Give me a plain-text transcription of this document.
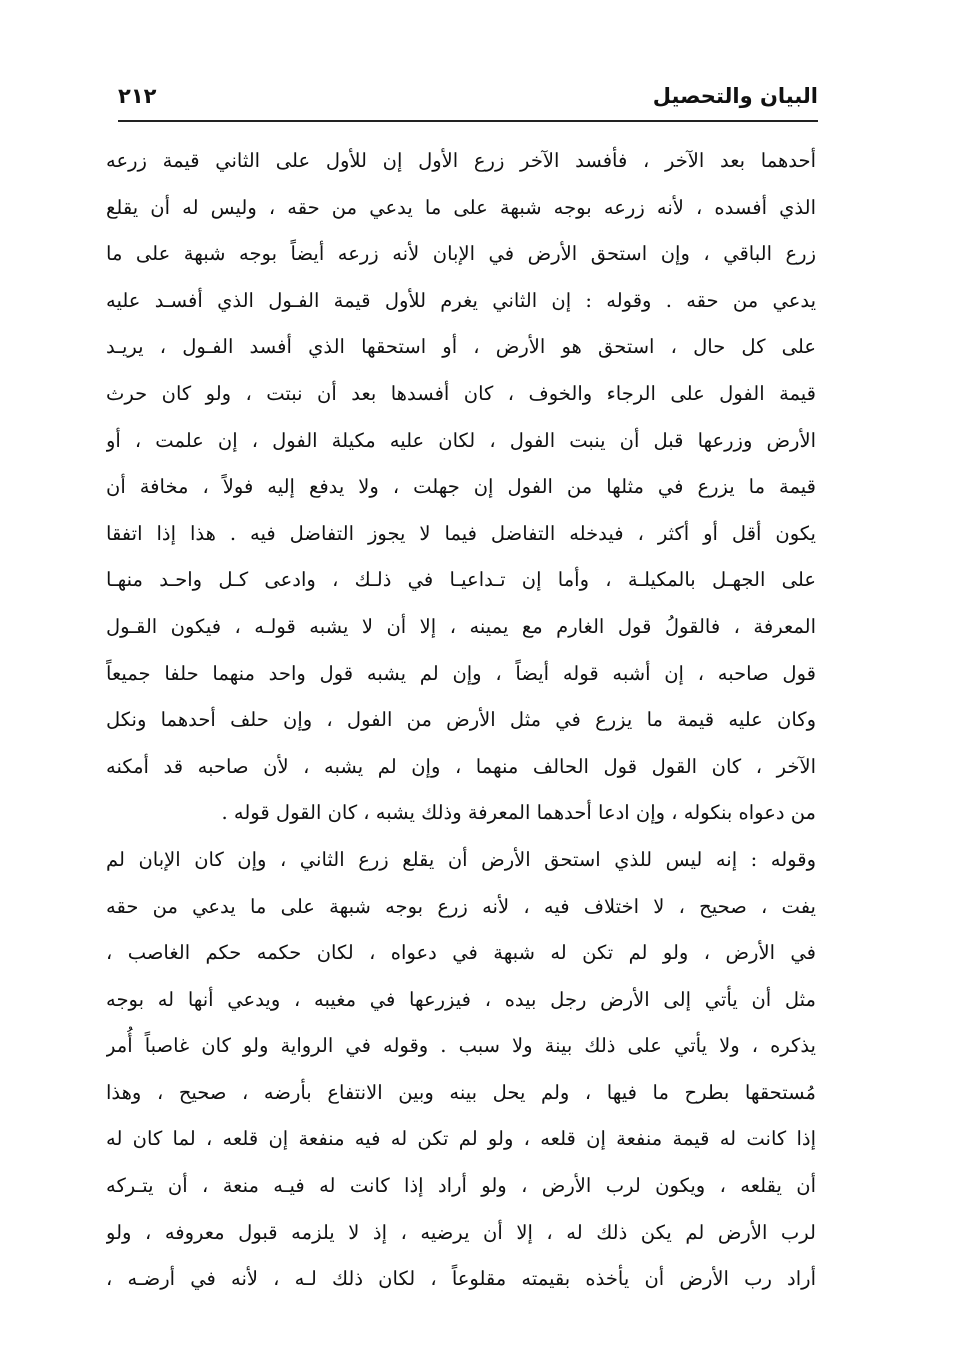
البيان والتحصيل
٢١٢
أحدهما بعد الآخر ، فأفسد الآخر زرع الأول إن للأول على الثاني قيمة زرعه
الذي أفسده ، لأنه زرعه بوجه شبهة على ما يدعي من حقه ، وليس له أن يقلع
زرع الباقي ، وإن استحق الأرض في الإبان لأنه زرعه أيضاً بوجه شبهة على ما
يدعي من حقه . وقوله : إن الثاني يغرم للأول قيمة الفـول الذي أفسـد عليه
على كل حال ، استحق هو الأرض ، أو استحقها الذي أفسد الفـول ، يريـد
قيمة الفول على الرجاء والخوف ، كان أفسدها بعد أن نبتت ، ولو كان حرث
الأرض وزرعها قبل أن ينبت الفول ، لكان عليه مكيلة الفول ، إن علمت ، أو
قيمة ما يزرع في مثلها من الفول إن جهلت ، ولا يدفع إليه فولاً ، مخافة أن
يكون أقل أو أكثر ، فيدخله التفاضل فيما لا يجوز التفاضل فيه . هذا إذا اتفقا
على الجهـل بالمكيلـة ، وأما إن تـداعيـا في ذلـك ، وادعى كـل واحـد منهـا
المعرفة ، فالقولُ قول الغارم مع يمينه ، إلا أن لا يشبه قولـه ، فيكون القـول
قول صاحبه ، إن أشبه قوله أيضاً ، وإن لم يشبه قول واحد منهما حلفا جميعاً
وكان عليه قيمة ما يزرع في مثل الأرض من الفول ، وإن حلف أحدهما ونكل
الآخر ، كان القول قول الحالف منهما ، وإن لم يشبه ، لأن صاحبه قد أمكنه
من دعواه بنكوله ، وإن ادعا أحدهما المعرفة وذلك يشبه ، كان القول قوله .
وقوله : إنه ليس للذي استحق الأرض أن يقلع زرع الثاني ، وإن كان الإبان لم
يفت ، صحيح ، لا اختلاف فيه ، لأنه زرع بوجه شبهة على ما يدعي من حقه
في الأرض ، ولو لم تكن له شبهة في دعواه ، لكان حكمه حكم الغاصب ،
مثل أن يأتي إلى الأرض رجل بيده ، فيزرعها في مغيبه ، ويدعي أنها له بوجه
يذكره ، ولا يأتي على ذلك بينة ولا سبب . وقوله في الرواية ولو كان غاصباً أُمر
مُستحقها بطرح ما فيها ، ولم يحل بينه وبين الانتفاع بأرضه ، صحيح ، وهذا
إذا كانت له قيمة منفعة إن قلعه ، ولو لم تكن له فيه منفعة إن قلعه ، لما كان له
أن يقلعه ، ويكون لرب الأرض ، ولو أراد إذا كانت له فيـه منعة ، أن يتـركه
لرب الأرض لم يكن ذلك له ، إلا أن يرضيه ، إذ لا يلزمه قبول معروفه ، ولو
أراد رب الأرض أن يأخذه بقيمته مقلوعاً ، لكان ذلك لـه ، لأنه في أرضـه ،
